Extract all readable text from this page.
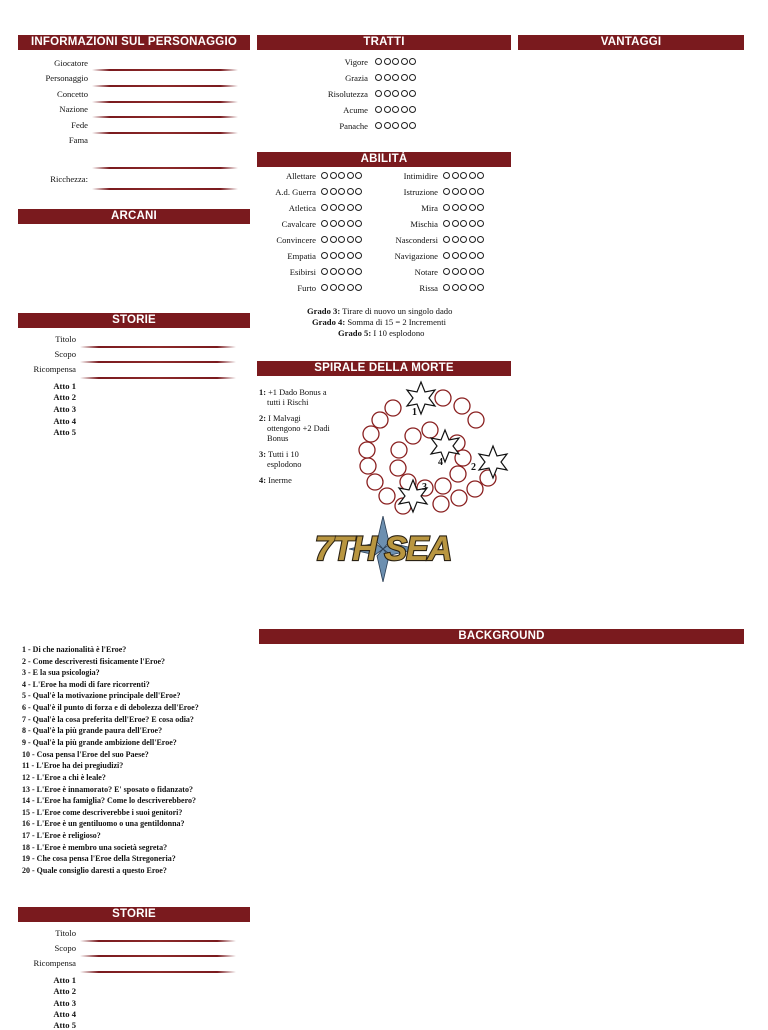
INFORMAZIONI SUL PERSONAGGIO	TRATTI	VANTAGGI
ABILITÀ
ARCANI
STORIE
SPIRALE DELLA MORTE
BACKGROUND
STORIE
Giocatore
Personaggio
Concetto
Nazione
Fede
Fama
Ricchezza:
Vigore
Grazia
Risolutezza
Acume
Panache
Allettare
A.d. Guerra
Atletica
Cavalcare
Convincere
Empatia
Esibirsi
Furto
Intimidire
Istruzione
Mira
Mischia
Nascondersi
Navigazione
Notare
Rissa
Grado 3: Tirare di nuovo un singolo dado
Grado 4: Somma di 15 = 2 Incrementi
Grado 5: I 10 esplodono
Titolo
Scopo
Ricompensa
Atto 1
Atto 2
Atto 3
Atto 4
Atto 5
1: +1 Dado Bonus a
tutti i Rischi
2: I Malvagi
ottengono +2 Dadi
Bonus
3: Tutti i 10
esplodono
4: Inerme
1
2
3
4
7TH SEA
1 - Di che nazionalità è l'Eroe?
2 - Come descriveresti fisicamente l'Eroe?
3 - E la sua psicologia?
4 - L'Eroe ha modi di fare ricorrenti?
5 - Qual'è la motivazione principale dell'Eroe?
6 - Qual'è il punto di forza e di debolezza dell'Eroe?
7 - Qual'è la cosa preferita dell'Eroe? E cosa odia?
8 - Qual'è la più grande paura dell'Eroe?
9 - Qual'è la più grande ambizione dell'Eroe?
10 - Cosa pensa l'Eroe del suo Paese?
11 - L'Eroe ha dei pregiudizi?
12 - L'Eroe a chi è leale?
13 - L'Eroe è innamorato? E' sposato o fidanzato?
14 - L'Eroe ha famiglia? Come lo descriverebbero?
15 - L'Eroe come descriverebbe i suoi genitori?
16 - L'Eroe è un gentiluomo o una gentildonna?
17 - L'Eroe è religioso?
18 - L'Eroe è membro una società segreta?
19 - Che cosa pensa l'Eroe della Stregoneria?
20 - Quale consiglio daresti a questo Eroe?
Titolo
Scopo
Ricompensa
Atto 1
Atto 2
Atto 3
Atto 4
Atto 5
